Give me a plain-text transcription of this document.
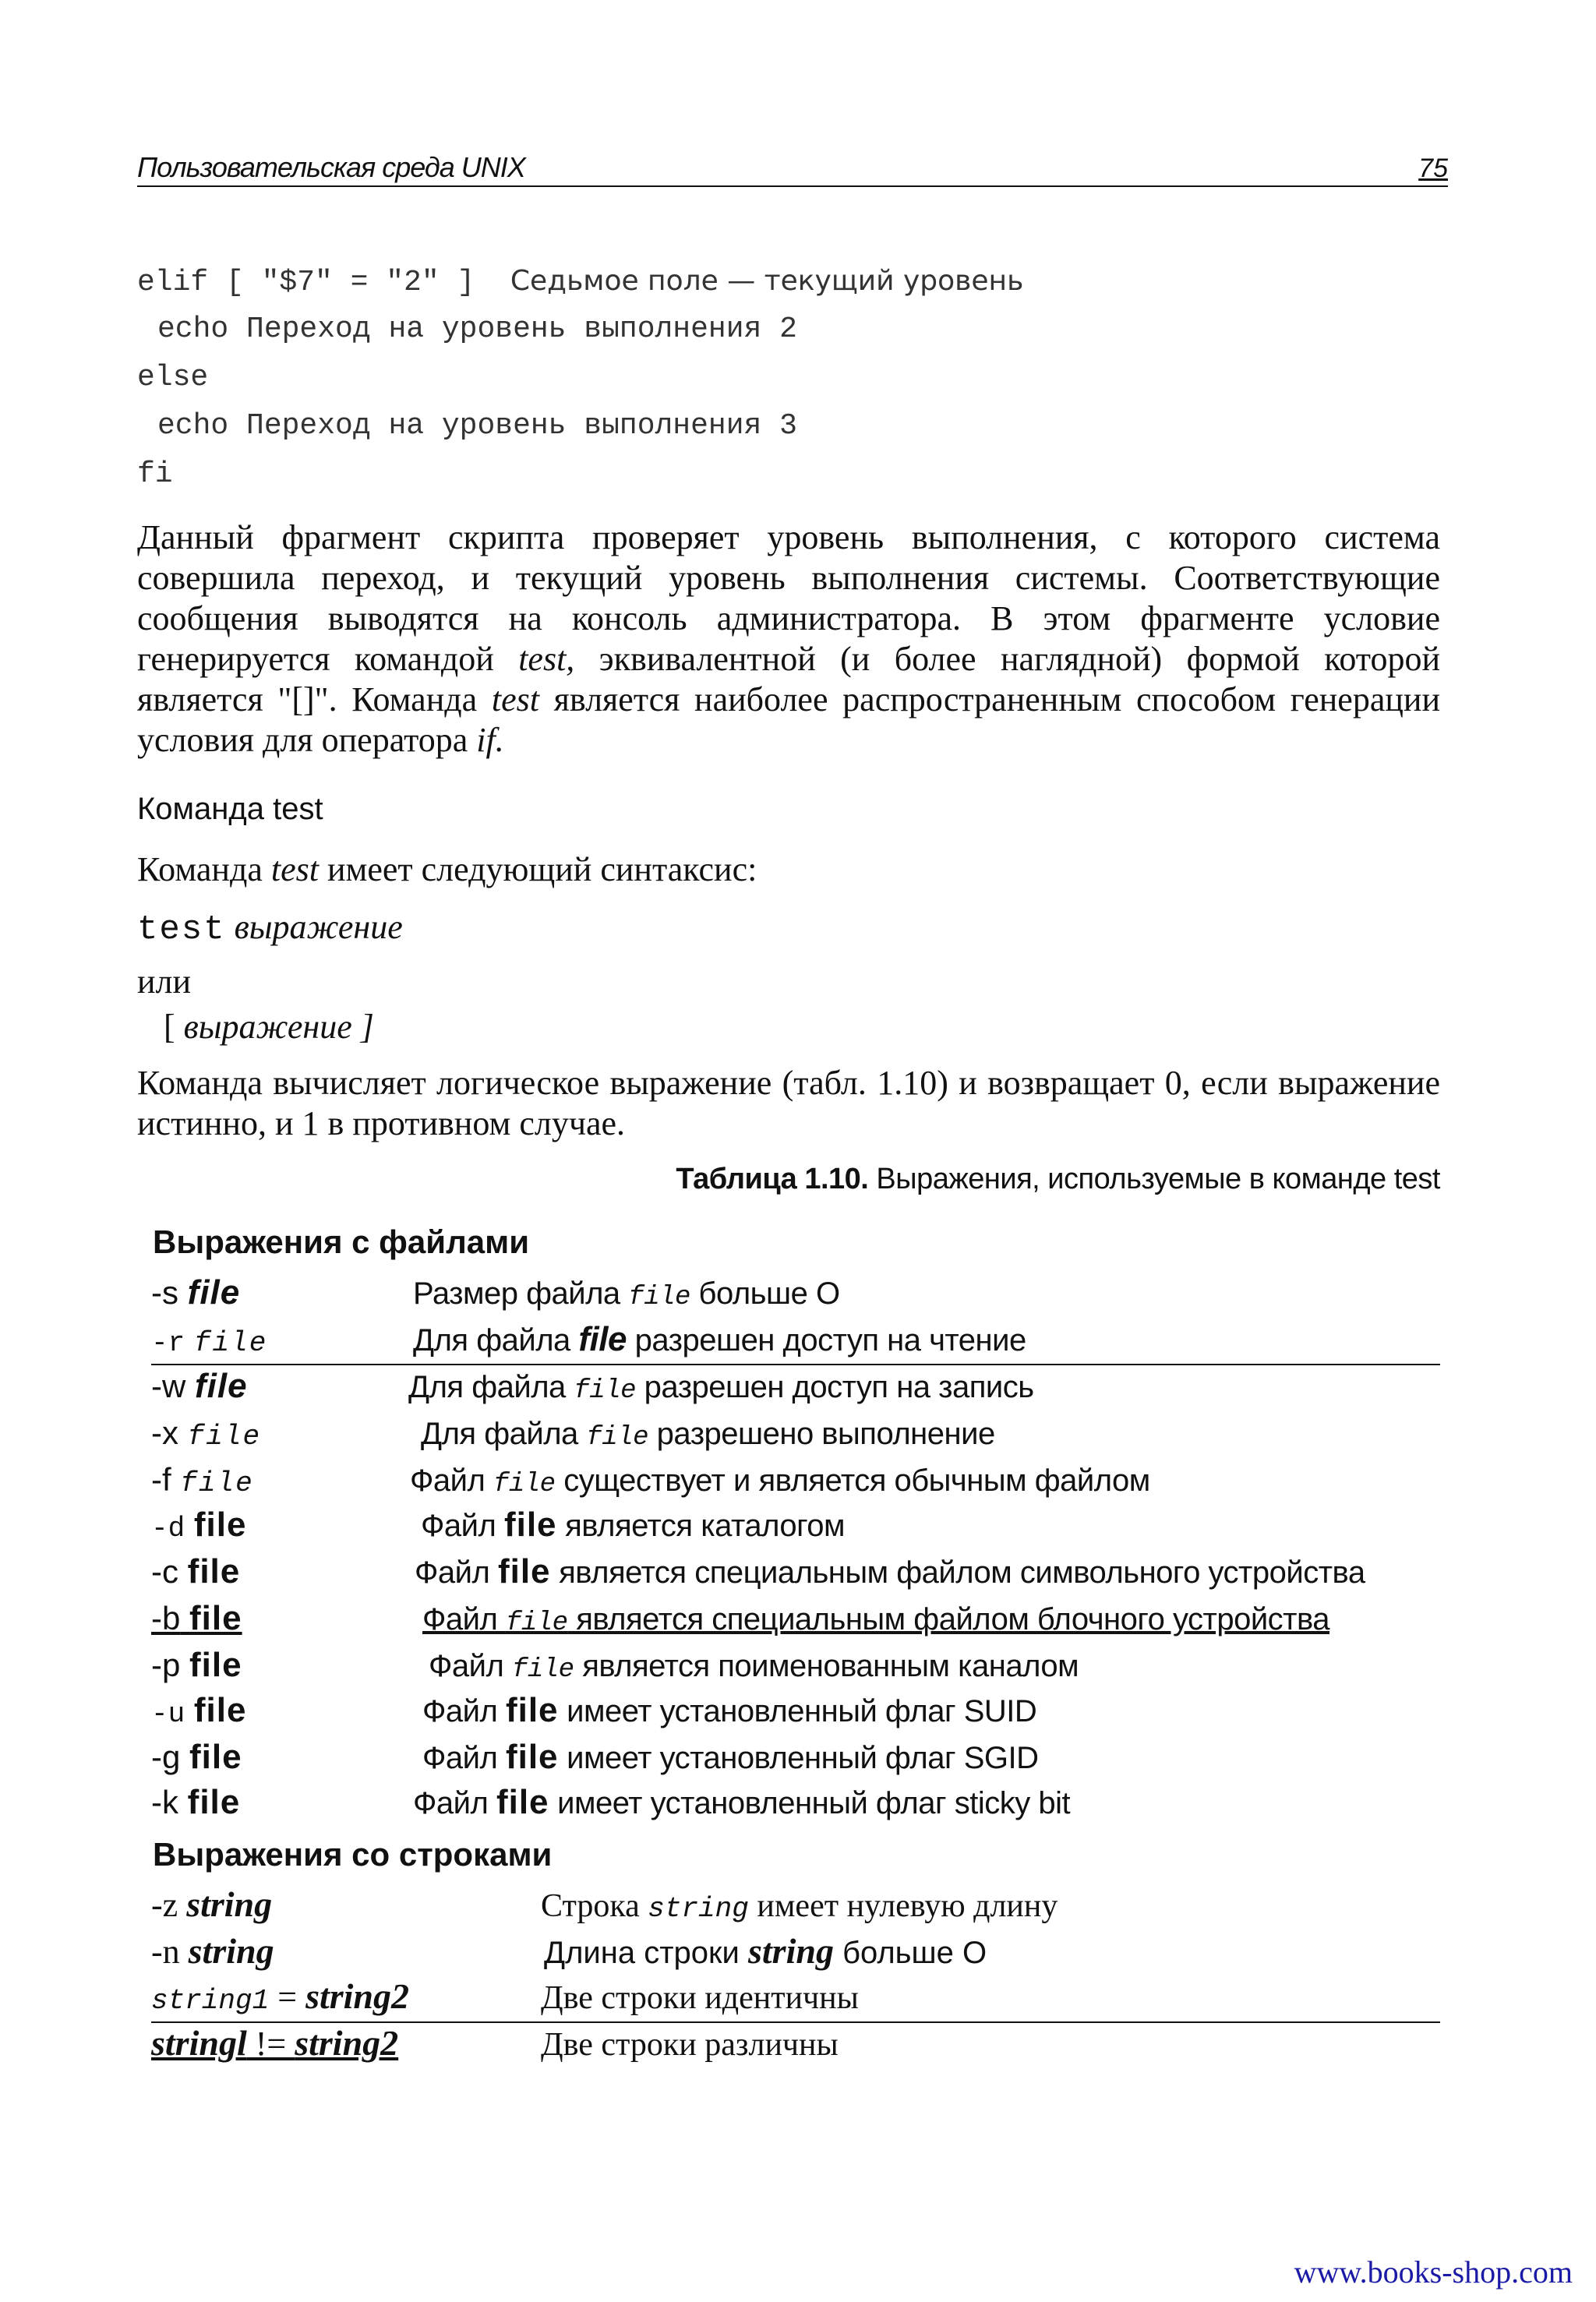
Пользовательская среда UNIX	75
elif [ "$7" = "2" ] Седьмое поле — текущий уровень
echo Переход на уровень выполнения 2
else
echo Переход на уровень выполнения 3
fi
Данный фрагмент скрипта проверяет уровень выполнения, с которого система совершила переход, и текущий уровень выполнения системы. Соответствующие сообщения выводятся на консоль администратора. В этом фрагменте условие генерируется командой test, эквивалентной (и более наглядной) формой которой является "[]". Команда test является наиболее распространенным способом генерации условия для оператора if.
Команда test
Команда test имеет следующий синтаксис:
test выражение
или
[ выражение ]
Команда вычисляет логическое выражение (табл. 1.10) и возвращает 0, если выражение истинно, и 1 в противном случае.
Таблица 1.10. Выражения, используемые в команде test
Выражения с файлами
-s file	Размер файла file больше О
-r file	Для файла file разрешен доступ на чтение
-w file	Для файла file разрешен доступ на запись
-x file	Для файла file разрешено выполнение
-f file	Файл file существует и является обычным файлом
-d file	Файл file является каталогом
-c file	Файл file является специальным файлом символьного устройства
-b file	Файл file является специальным файлом блочного устройства
-p file	Файл file является поименованным каналом
-u file	Файл file имеет установленный флаг SUID
-g file	Файл file имеет установленный флаг SGID
-k file	Файл file имеет установленный флаг sticky bit
Выражения со строками
-z string	Строка string имеет нулевую длину
-n string	Длина строки string больше О
string1 = string2	Две строки идентичны
stringl != string2	Две строки различны
www.books-shop.com
